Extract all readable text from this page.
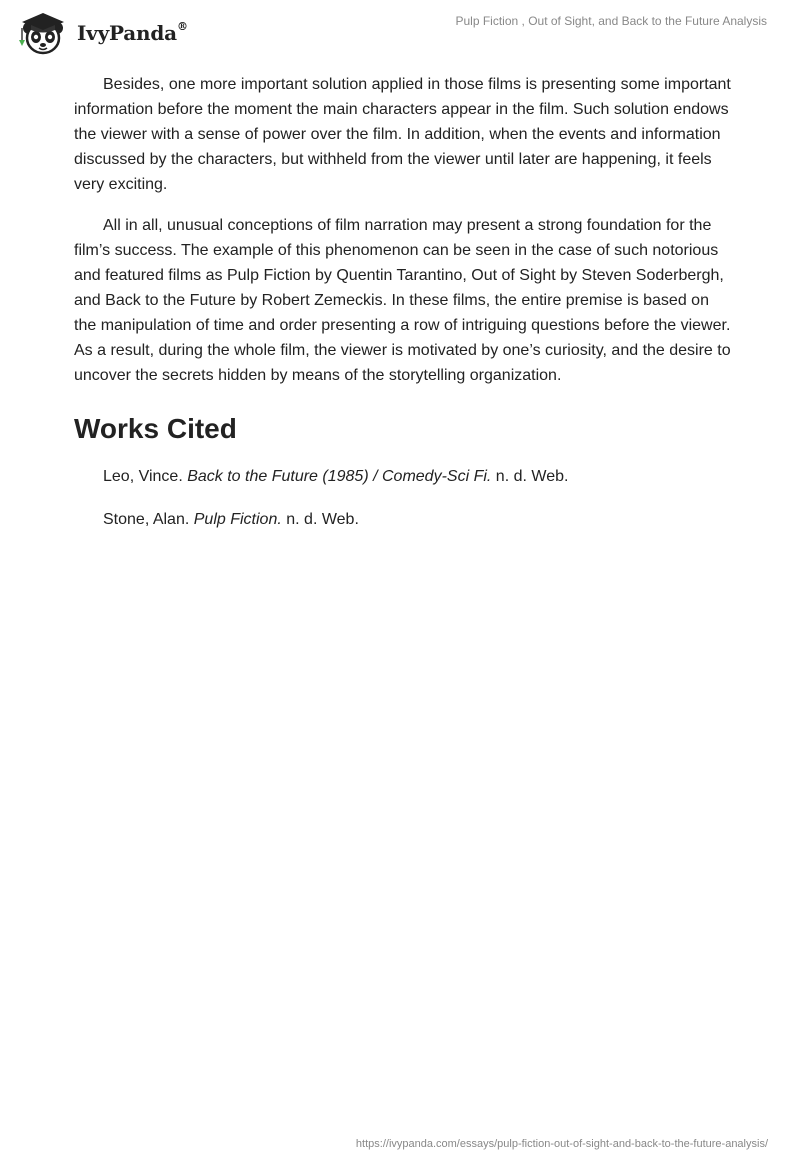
IvyPanda®	Pulp Fiction , Out of Sight, and Back to the Future Analysis

Besides, one more important solution applied in those films is presenting some important information before the moment the main characters appear in the film. Such solution endows the viewer with a sense of power over the film. In addition, when the events and information discussed by the characters, but withheld from the viewer until later are happening, it feels very exciting.

All in all, unusual conceptions of film narration may present a strong foundation for the film’s success. The example of this phenomenon can be seen in the case of such notorious and featured films as Pulp Fiction by Quentin Tarantino, Out of Sight by Steven Soderbergh, and Back to the Future by Robert Zemeckis. In these films, the entire premise is based on the manipulation of time and order presenting a row of intriguing questions before the viewer. As a result, during the whole film, the viewer is motivated by one’s curiosity, and the desire to uncover the secrets hidden by means of the storytelling organization.

Works Cited
Leo, Vince. Back to the Future (1985) / Comedy-Sci Fi. n. d. Web.
Stone, Alan. Pulp Fiction. n. d. Web.
https://ivypanda.com/essays/pulp-fiction-out-of-sight-and-back-to-the-future-analysis/
